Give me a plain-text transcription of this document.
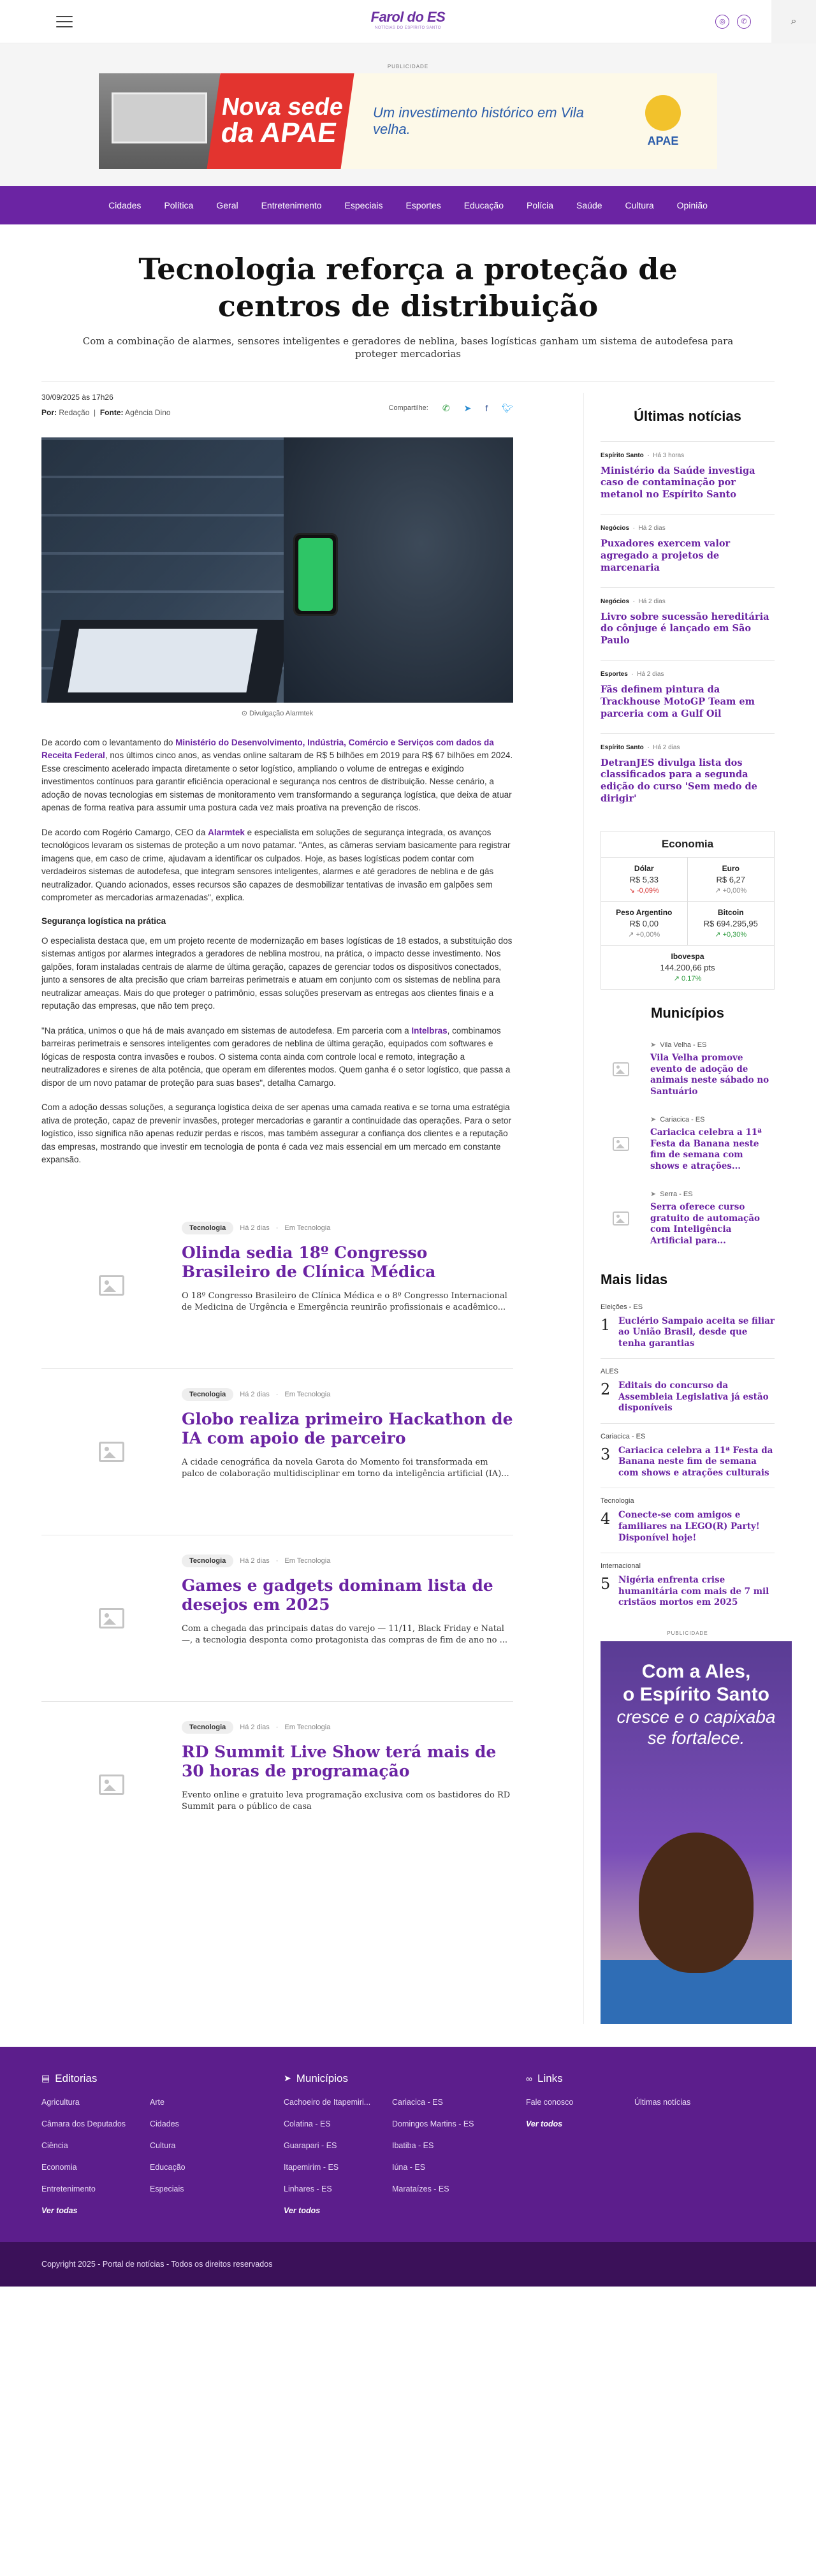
Farol do ES
NOTÍCIAS DO ESPÍRITO SANTO
◎	✆	⌕
PUBLICIDADE
Nova sede
da APAE
Um investimento histórico em Vila velha.
APAE
Cidades	Política	Geral	Entretenimento	Especiais	Esportes	Educação	Polícia	Saúde	Cultura	Opinião
Tecnologia reforça a proteção de centros de distribuição

Com a combinação de alarmes, sensores inteligentes e geradores de neblina, bases logísticas ganham um sistema de autodefesa para proteger mercadorias

30/09/2025 às 17h26
Por: Redação  |  Fonte: Agência Dino	Compartilhe: ✆ ➤ f 🐦︎
⊙ Divulgação Alarmtek

De acordo com o levantamento do Ministério do Desenvolvimento, Indústria, Comércio e Serviços com dados da Receita Federal, nos últimos cinco anos, as vendas online saltaram de R$ 5 bilhões em 2019 para R$ 67 bilhões em 2024. Esse crescimento acelerado impacta diretamente o setor logístico, ampliando o volume de entregas e exigindo investimentos contínuos para garantir eficiência operacional e segurança nos centros de distribuição. Nesse cenário, a adoção de novas tecnologias em sistemas de monitoramento vem transformando a segurança logística, que deixa de atuar apenas de forma reativa para assumir uma postura cada vez mais proativa na prevenção de riscos.

De acordo com Rogério Camargo, CEO da Alarmtek e especialista em soluções de segurança integrada, os avanços tecnológicos levaram os sistemas de proteção a um novo patamar. "Antes, as câmeras serviam basicamente para registrar imagens que, em caso de crime, ajudavam a identificar os culpados. Hoje, as bases logísticas podem contar com verdadeiros sistemas de autodefesa, que integram sensores inteligentes, alarmes e até geradores de neblina e de gás neutralizador. Quando acionados, esses recursos são capazes de desmobilizar tentativas de invasão em galpões sem comprometer as mercadorias armazenadas", explica.

Segurança logística na prática

O especialista destaca que, em um projeto recente de modernização em bases logísticas de 18 estados, a substituição dos sistemas antigos por alarmes integrados a geradores de neblina mostrou, na prática, o impacto desse investimento. Nos galpões, foram instaladas centrais de alarme de última geração, capazes de gerenciar todos os dispositivos conectados, junto a sensores de alta precisão que criam barreiras perimetrais e atuam em conjunto com os sistemas de neblina para neutralizar ameaças. Mais do que proteger o patrimônio, essas soluções preservam as entregas aos clientes finais e a reputação das empresas, que não tem preço.

"Na prática, unimos o que há de mais avançado em sistemas de autodefesa. Em parceria com a Intelbras, combinamos barreiras perimetrais e sensores inteligentes com geradores de neblina de última geração, equipados com softwares e lógicas de resposta contra invasões e roubos. O sistema conta ainda com controle local e remoto, integração a neutralizadores e sirenes de alta potência, que operam em diferentes modos. Quem ganha é o setor logístico, que passa a dispor de um novo patamar de proteção para suas bases", detalha Camargo.

Com a adoção dessas soluções, a segurança logística deixa de ser apenas uma camada reativa e se torna uma estratégia ativa de proteção, capaz de prevenir invasões, proteger mercadorias e garantir a continuidade das operações. Para o setor logístico, isso significa não apenas reduzir perdas e riscos, mas também assegurar a confiança dos clientes e a reputação das empresas, mostrando que investir em tecnologia de ponta é cada vez mais essencial em um mercado em constante expansão.

Tecnologia	Há 2 dias · Em Tecnologia
Olinda sedia 18º Congresso Brasileiro de Clínica Médica

O 18º Congresso Brasileiro de Clínica Médica e o 8º Congresso Internacional de Medicina de Urgência e Emergência reunirão profissionais e acadêmico...

Tecnologia	Há 2 dias · Em Tecnologia
Globo realiza primeiro Hackathon de IA com apoio de parceiro

A cidade cenográfica da novela Garota do Momento foi transformada em palco de colaboração multidisciplinar em torno da inteligência artificial (IA)...

Tecnologia	Há 2 dias · Em Tecnologia
Games e gadgets dominam lista de desejos em 2025

Com a chegada das principais datas do varejo — 11/11, Black Friday e Natal —, a tecnologia desponta como protagonista das compras de fim de ano no ...

Tecnologia	Há 2 dias · Em Tecnologia
RD Summit Live Show terá mais de 30 horas de programação

Evento online e gratuito leva programação exclusiva com os bastidores do RD Summit para o público de casa

Últimas notícias
Espírito Santo  ·  Há 3 horas
Ministério da Saúde investiga caso de contaminação por metanol no Espírito Santo
Negócios  ·  Há 2 dias
Puxadores exercem valor agregado a projetos de marcenaria
Negócios  ·  Há 2 dias
Livro sobre sucessão hereditária do cônjuge é lançado em São Paulo
Esportes  ·  Há 2 dias
Fãs definem pintura da Trackhouse MotoGP Team em parceria com a Gulf Oil
Espírito Santo  ·  Há 2 dias
DetranJES divulga lista dos classificados para a segunda edição do curso 'Sem medo de dirigir'
Economia
Dólar
R$ 5,33
↘ -0,09%
Euro
R$ 6,27
↗ +0,00%
Peso Argentino
R$ 0,00
↗ +0,00%
Bitcoin
R$ 694.295,95
↗ +0,30%
Ibovespa
144.200,66 pts
↗ 0.17%
Municípios
➤ Vila Velha - ES
Vila Velha promove evento de adoção de animais neste sábado no Santuário
➤ Cariacica - ES
Cariacica celebra a 11ª Festa da Banana neste fim de semana com shows e atrações...
➤ Serra - ES
Serra oferece curso gratuito de automação com Inteligência Artificial para...
Mais lidas
Eleições - ES
1 Euclério Sampaio aceita se filiar ao União Brasil, desde que tenha garantias
ALES
2 Editais do concurso da Assembleia Legislativa já estão disponíveis
Cariacica - ES
3 Cariacica celebra a 11ª Festa da Banana neste fim de semana com shows e atrações culturais
Tecnologia
4 Conecte-se com amigos e familiares na LEGO(R) Party! Disponível hoje!
Internacional
5 Nigéria enfrenta crise humanitária com mais de 7 mil cristãos mortos em 2025
PUBLICIDADE
Com a Ales,
o Espírito Santo
cresce e o capixaba
se fortalece.
▤ Editorias
Agricultura	Arte
Câmara dos Deputados	Cidades
Ciência	Cultura
Economia	Educação
Entretenimento	Especiais
Ver todas
➤ Municípios
Cachoeiro de Itapemiri...	Cariacica - ES
Colatina - ES	Domingos Martins - ES
Guarapari - ES	Ibatiba - ES
Itapemirim - ES	Iúna - ES
Linhares - ES	Marataízes - ES
Ver todos
∞ Links
Fale conosco	Últimas notícias
Ver todos
Copyright 2025 - Portal de notícias - Todos os direitos reservados
